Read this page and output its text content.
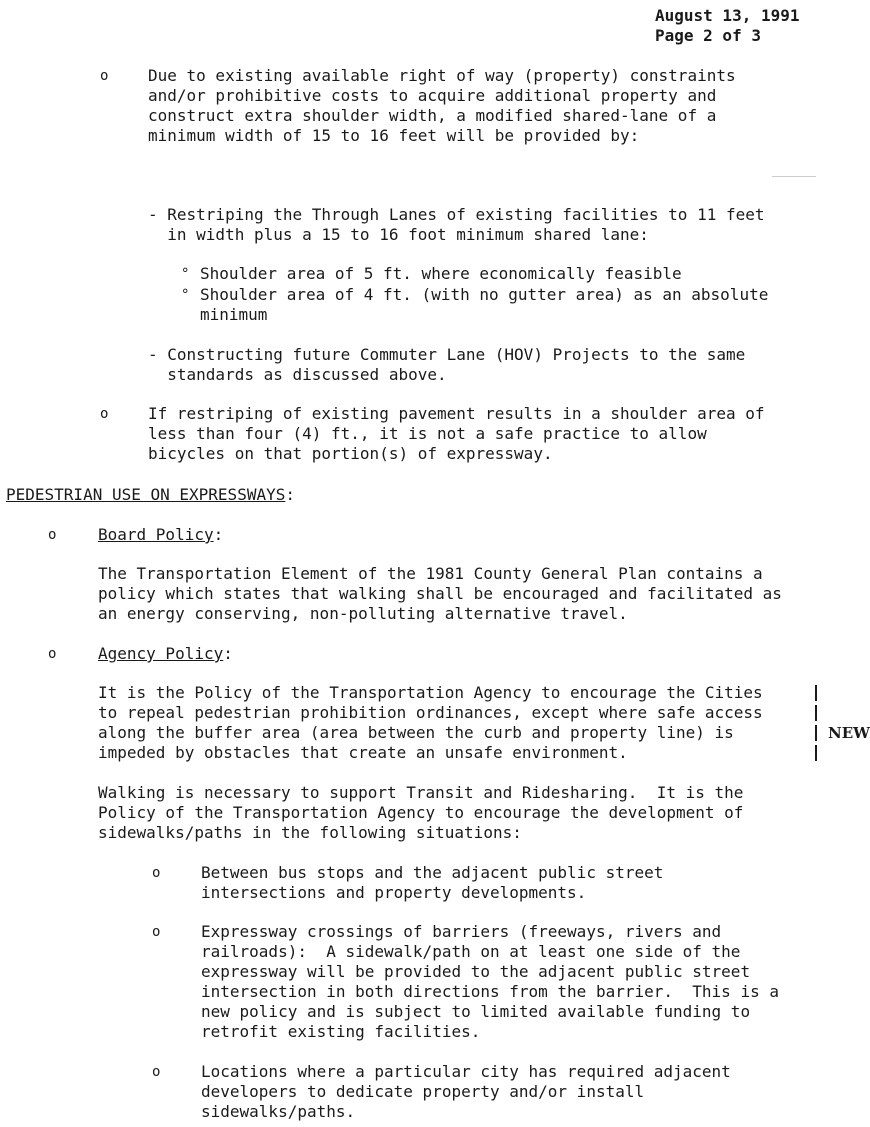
August 13, 1991
Page 2 of 3
o Due to existing available right of way (property) constraints
and/or prohibitive costs to acquire additional property and
construct extra shoulder width, a modified shared-lane of a
minimum width of 15 to 16 feet will be provided by:
- Restriping the Through Lanes of existing facilities to 11 feet
in width plus a 15 to 16 foot minimum shared lane:
° Shoulder area of 5 ft. where economically feasible
° Shoulder area of 4 ft. (with no gutter area) as an absolute
minimum
- Constructing future Commuter Lane (HOV) Projects to the same
standards as discussed above.
o If restriping of existing pavement results in a shoulder area of
less than four (4) ft., it is not a safe practice to allow
bicycles on that portion(s) of expressway.
PEDESTRIAN USE ON EXPRESSWAYS:
o	Board Policy:
The Transportation Element of the 1981 County General Plan contains a
policy which states that walking shall be encouraged and facilitated as
an energy conserving, non-polluting alternative travel.
o	Agency Policy:
It is the Policy of the Transportation Agency to encourage the Cities
to repeal pedestrian prohibition ordinances, except where safe access
along the buffer area (area between the curb and property line) is
impeded by obstacles that create an unsafe environment.
NEW
Walking is necessary to support Transit and Ridesharing.  It is the
Policy of the Transportation Agency to encourage the development of
sidewalks/paths in the following situations:
o	Between bus stops and the adjacent public street
intersections and property developments.
o	Expressway crossings of barriers (freeways, rivers and
railroads):  A sidewalk/path on at least one side of the
expressway will be provided to the adjacent public street
intersection in both directions from the barrier.  This is a
new policy and is subject to limited available funding to
retrofit existing facilities.
o	Locations where a particular city has required adjacent
developers to dedicate property and/or install
sidewalks/paths.
